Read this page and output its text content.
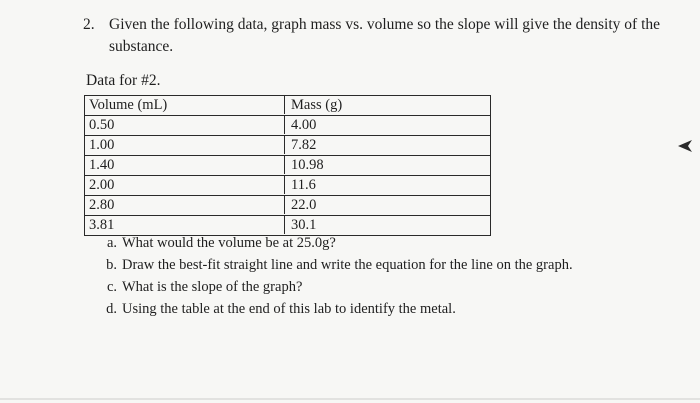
2. Given the following data, graph mass vs. volume so the slope will give the density of the substance.
Data for #2.
Volume (mL)	Mass (g)
0.50	4.00
1.00	7.82
1.40	10.98
2.00	11.6
2.80	22.0
3.81	30.1
a. What would the volume be at 25.0g?
b. Draw the best-fit straight line and write the equation for the line on the graph.
c. What is the slope of the graph?
d. Using the table at the end of this lab to identify the metal.
